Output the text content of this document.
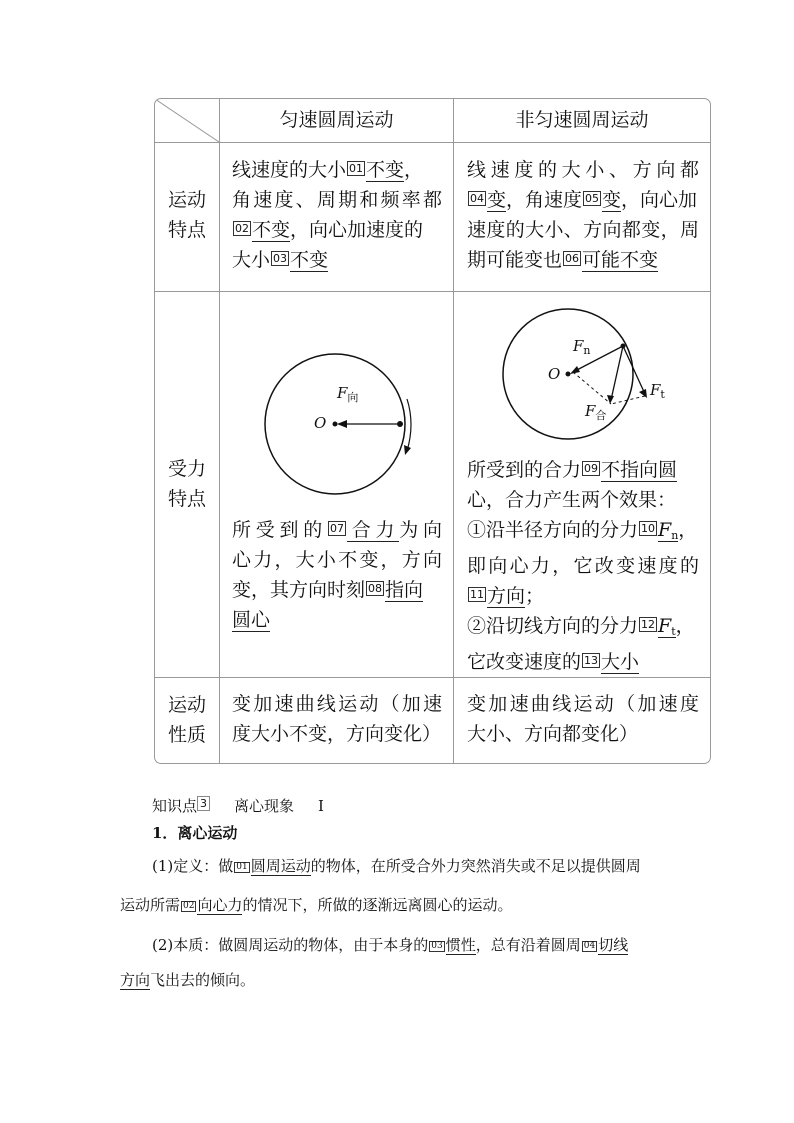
匀速圆周运动	非匀速圆周运动
运动
特点
受力
特点
运动
性质
线速度的大小 01 不变，
角速度、周期和频率都
02 不变，向心加速度的
大小 03 不变
线速度的大小、方向都
04 变，角速度 05 变，向心加
速度的大小、方向都变，周
期可能变也 06 可能不变
$F_向$
O
所受到的 07 合力为向
心力，大小不变，方向
变，其方向时刻 08 指向
圆心
$F_n$
O
$F_t$
$F_合$
所受到的合力 09 不指向圆
心，合力产生两个效果：
①沿半径方向的分力 10 $F_n$，
即向心力，它改变速度的
11 方向；
②沿切线方向的分力 12 $F_t$，
它改变速度的 13 大小
变加速曲线运动（加速
度大小不变，方向变化）
变加速曲线运动（加速度
大小、方向都变化）
知识点 3 离心现象 Ⅰ
1．离心运动
(1)定义：做 01 圆周运动的物体，在所受合外力突然消失或不足以提供圆周
运动所需 02 向心力的情况下，所做的逐渐远离圆心的运动。
(2)本质：做圆周运动的物体，由于本身的 03 惯性，总有沿着圆周 04 切线
方向飞出去的倾向。
